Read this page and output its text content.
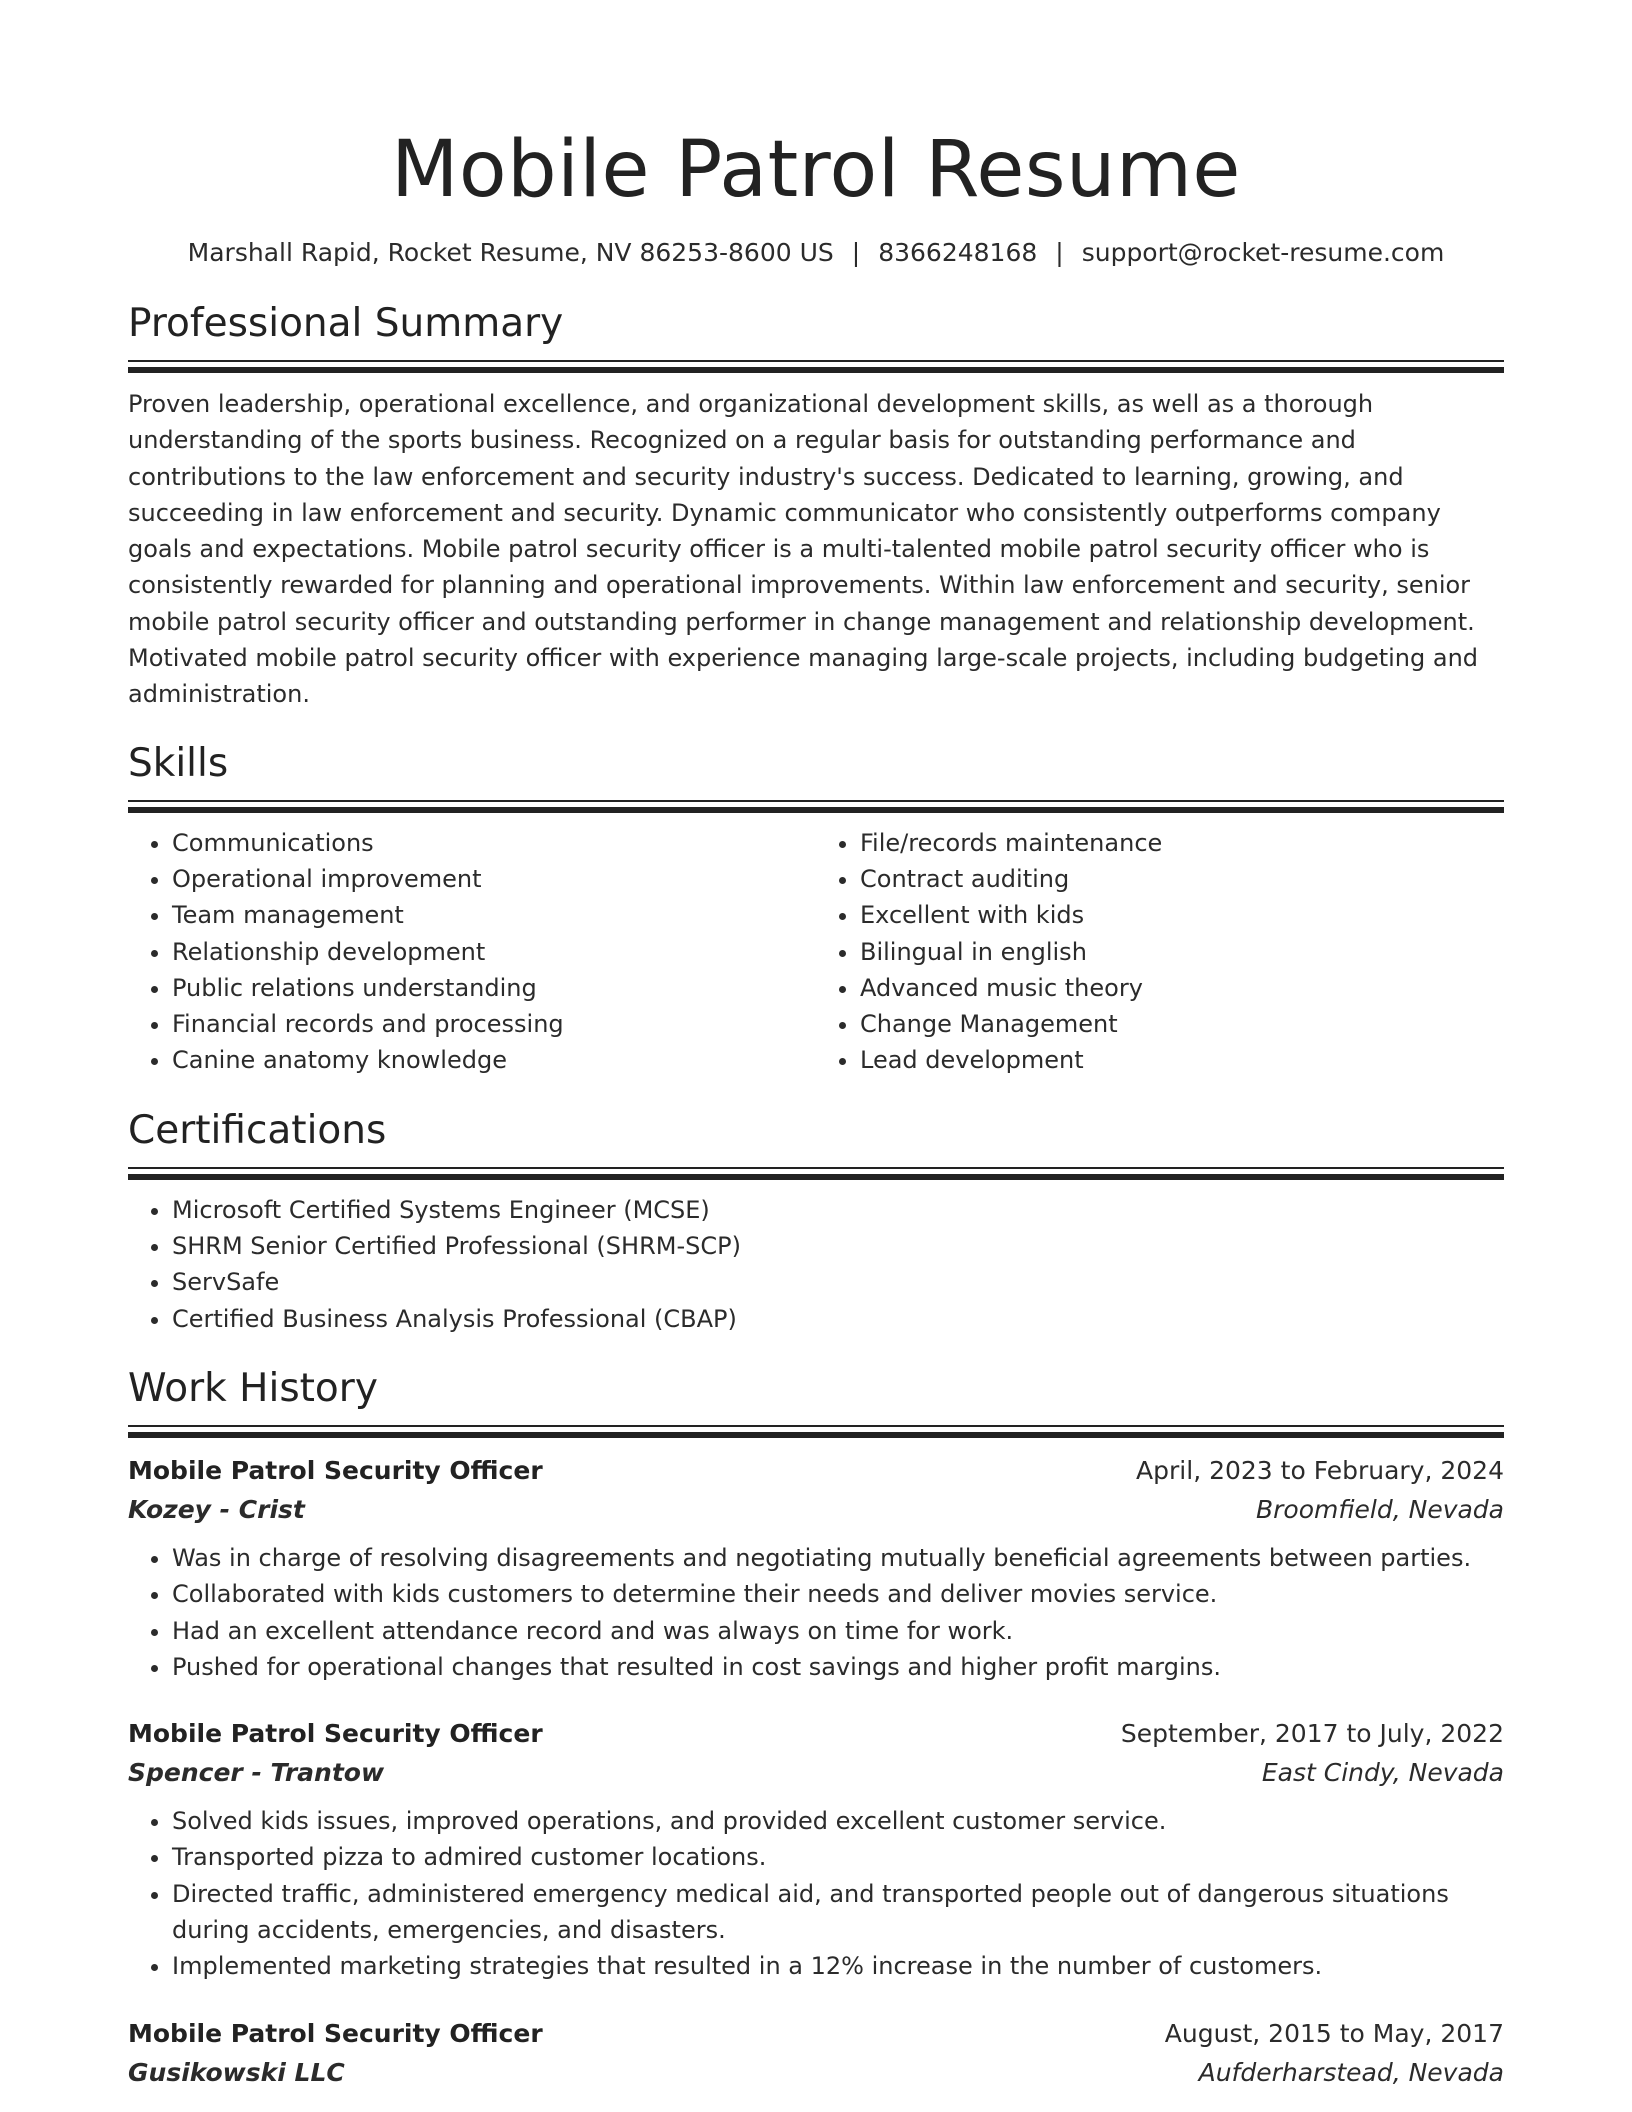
Mobile Patrol Resume
Marshall Rapid, Rocket Resume, NV 86253-8600 US | 8366248168 | support@rocket-resume.com
Professional Summary

Proven leadership, operational excellence, and organizational development skills, as well as a thorough understanding of the sports business. Recognized on a regular basis for outstanding performance and contributions to the law enforcement and security industry's success. Dedicated to learning, growing, and succeeding in law enforcement and security. Dynamic communicator who consistently outperforms company goals and expectations. Mobile patrol security officer is a multi-talented mobile patrol security officer who is consistently rewarded for planning and operational improvements. Within law enforcement and security, senior mobile patrol security officer and outstanding performer in change management and relationship development. Motivated mobile patrol security officer with experience managing large-scale projects, including budgeting and administration.

Skills
• Communications
• Operational improvement
• Team management
• Relationship development
• Public relations understanding
• Financial records and processing
• Canine anatomy knowledge
• File/records maintenance
• Contract auditing
• Excellent with kids
• Bilingual in english
• Advanced music theory
• Change Management
• Lead development
Certifications
• Microsoft Certified Systems Engineer (MCSE)
• SHRM Senior Certified Professional (SHRM-SCP)
• ServSafe
• Certified Business Analysis Professional (CBAP)
Work History
Mobile Patrol Security Officer	April, 2023 to February, 2024
Kozey - Crist	Broomfield, Nevada
• Was in charge of resolving disagreements and negotiating mutually beneficial agreements between parties.
• Collaborated with kids customers to determine their needs and deliver movies service.
• Had an excellent attendance record and was always on time for work.
• Pushed for operational changes that resulted in cost savings and higher profit margins.
Mobile Patrol Security Officer	September, 2017 to July, 2022
Spencer - Trantow	East Cindy, Nevada
• Solved kids issues, improved operations, and provided excellent customer service.
• Transported pizza to admired customer locations.
• Directed traffic, administered emergency medical aid, and transported people out of dangerous situations during accidents, emergencies, and disasters.
• Implemented marketing strategies that resulted in a 12% increase in the number of customers.
Mobile Patrol Security Officer	August, 2015 to May, 2017
Gusikowski LLC	Aufderharstead, Nevada
